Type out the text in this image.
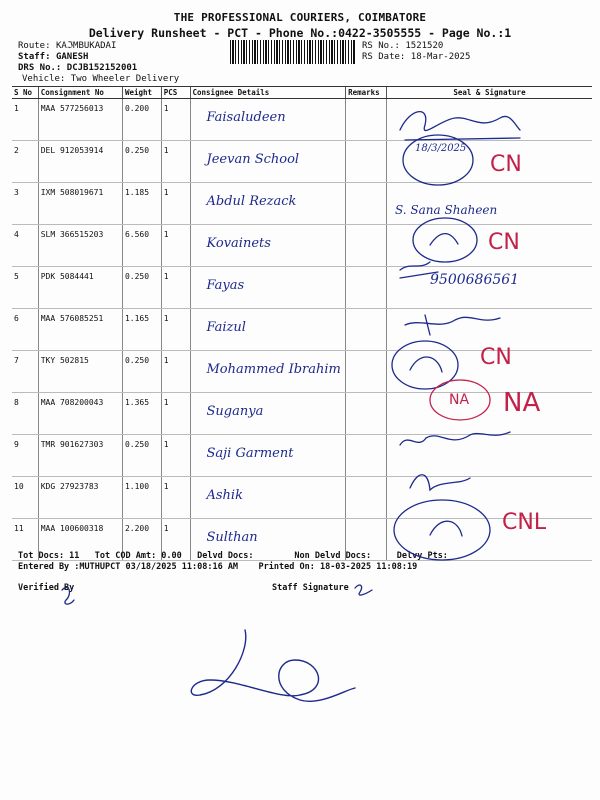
THE PROFESSIONAL COURIERS, COIMBATORE
Delivery Runsheet - PCT - Phone No.:0422-3505555 - Page No.:1
Route: KAℑMBUKADAI
Staff: GANESH
DRS No.: DCJB152152001
Vehicle: Two Wheeler Delivery
RS No.: 1521520
RS Date: 18-Mar-2025
S No	Consignment No	Weight	PCS	Consignee Details	Remarks	Seal & Signature
1	MAA 577256013	0.200	1	Faisaludeen		
2	DEL 912053914	0.250	1	Jeevan School		
3	IXM 508019671	1.185	1	Abdul Rezack		
4	SLM 366515203	6.560	1	Kovainets		
5	PDK 5084441	0.250	1	Fayas		
6	MAA 576085251	1.165	1	Faizul		
7	TKY 502815	0.250	1	Mohammed Ibrahim		
8	MAA 708200043	1.365	1	Suganya		
9	TMR 901627303	0.250	1	Saji Garment		
10	KDG 27923783	1.100	1	Ashik		
11	MAA 100600318	2.200	1	Sulthan		
18/3/2025
S. Sana Shaheen
9500686561
CN
CN
CN
NA
NA
CNL
Tot Docs: 11 Tot COD Amt: 0.00 Delvd Docs:	Non Delvd Docs:	Delvy Pts:
Entered By :MUTHUPCT 03/18/2025 11:08:16 AM Printed On: 18-03-2025 11:08:19
Verified By	Staff Signature
